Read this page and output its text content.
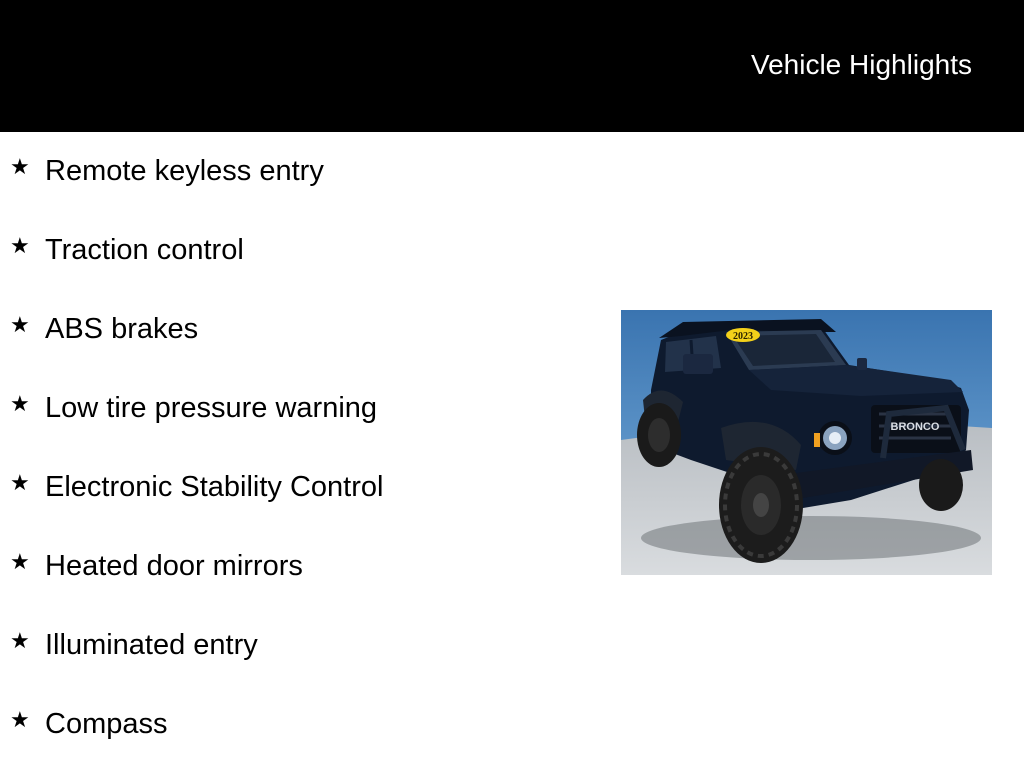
Vehicle Highlights
★ Remote keyless entry
★ Traction control
★ ABS brakes
★ Low tire pressure warning
★ Electronic Stability Control
★ Heated door mirrors
★ Illuminated entry
★ Compass
BRONCO
2023
